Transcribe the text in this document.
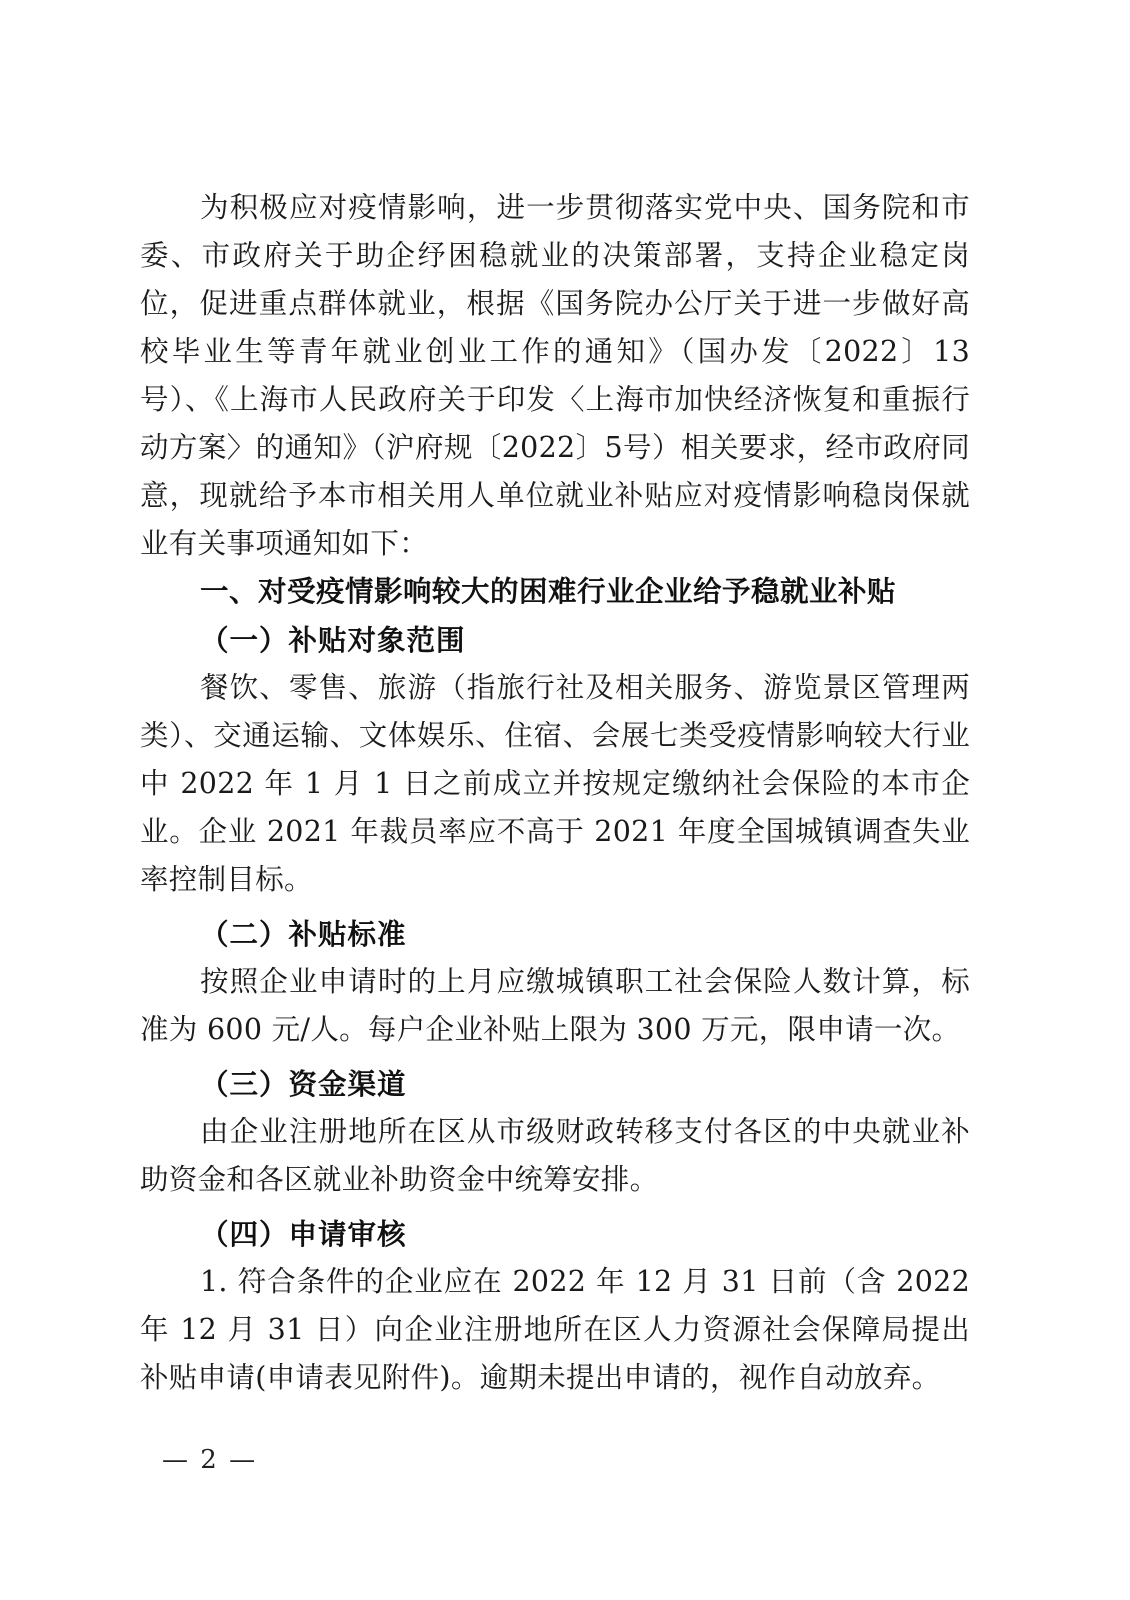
为积极应对疫情影响，进一步贯彻落实党中央、国务院和市委、市政府关于助企纾困稳就业的决策部署，支持企业稳定岗位，促进重点群体就业，根据《国务院办公厅关于进一步做好高校毕业生等青年就业创业工作的通知》（国办发〔2022〕13号）、《上海市人民政府关于印发〈上海市加快经济恢复和重振行动方案〉的通知》（沪府规〔2022〕5号）相关要求，经市政府同意，现就给予本市相关用人单位就业补贴应对疫情影响稳岗保就业有关事项通知如下：

一、对受疫情影响较大的困难行业企业给予稳就业补贴

（一）补贴对象范围

餐饮、零售、旅游（指旅行社及相关服务、游览景区管理两类）、交通运输、文体娱乐、住宿、会展七类受疫情影响较大行业中 2022 年 1 月 1 日之前成立并按规定缴纳社会保险的本市企业。企业 2021 年裁员率应不高于 2021 年度全国城镇调查失业率控制目标。

（二）补贴标准

按照企业申请时的上月应缴城镇职工社会保险人数计算，标准为 600 元/人。每户企业补贴上限为 300 万元，限申请一次。

（三）资金渠道

由企业注册地所在区从市级财政转移支付各区的中央就业补助资金和各区就业补助资金中统筹安排。

（四）申请审核

1. 符合条件的企业应在 2022 年 12 月 31 日前（含 2022 年 12 月 31 日）向企业注册地所在区人力资源社会保障局提出补贴申请(申请表见附件)。逾期未提出申请的，视作自动放弃。

— 2 —
